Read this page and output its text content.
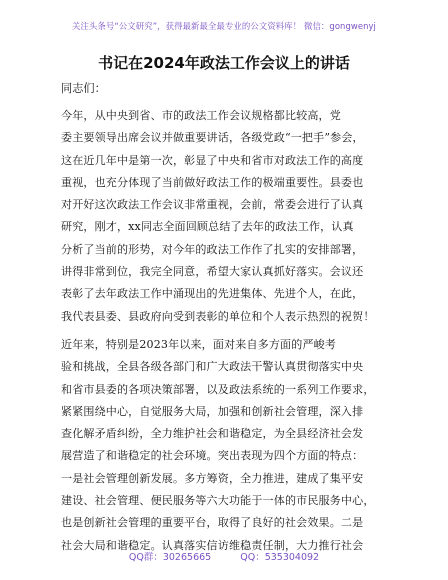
关注头条号“公文研究”，获得最新最全最专业的公文资料库！ 微信：gongwenyj
书记在2024年政法工作会议上的讲话
同志们：
今年，从中央到省、市的政法工作会议规格都比较高，党
委主要领导出席会议并做重要讲话，各级党政“一把手”参会，
这在近几年中是第一次，彰显了中央和省市对政法工作的高度
重视，也充分体现了当前做好政法工作的极端重要性。县委也
对开好这次政法工作会议非常重视，会前，常委会进行了认真
研究，刚才，xx同志全面回顾总结了去年的政法工作，认真
分析了当前的形势，对今年的政法工作作了扎实的安排部署，
讲得非常到位，我完全同意，希望大家认真抓好落实。会议还
表彰了去年政法工作中涌现出的先进集体、先进个人，在此，
我代表县委、县政府向受到表彰的单位和个人表示热烈的祝贺！
近年来，特别是2023年以来，面对来自多方面的严峻考
验和挑战，全县各级各部门和广大政法干警认真贯彻落实中央
和省市县委的各项决策部署，以及政法系统的一系列工作要求，
紧紧围绕中心，自觉服务大局，加强和创新社会管理，深入排
查化解矛盾纠纷，全力维护社会和谐稳定，为全县经济社会发
展营造了和谐稳定的社会环境。突出表现为四个方面的特点：
一是社会管理创新发展。多方筹资，全力推进，建成了集平安
建设、社会管理、便民服务等六大功能于一体的市民服务中心，
也是创新社会管理的重要平台，取得了良好的社会效果。二是
社会大局和谐稳定。认真落实信访维稳责任制，大力推行社会
QQ群：30265665	QQ：535304092
